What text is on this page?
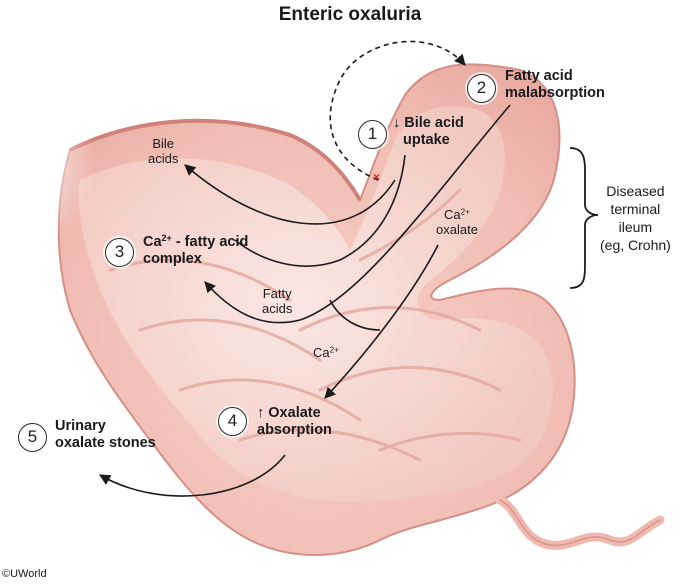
Enteric oxaluria
×
1
↓ Bile acid
uptake
2
Fatty acid
malabsorption
3	$Ca^{2+}$ - fatty acid
complex
4	↑ Oxalate
absorption
5
Urinary
oxalate stones
Bile
acids
$Ca^{2+}$
oxalate
Fatty
acids
$Ca^{2+}$
Diseased
terminal
ileum
(eg, Crohn)
©UWorld
